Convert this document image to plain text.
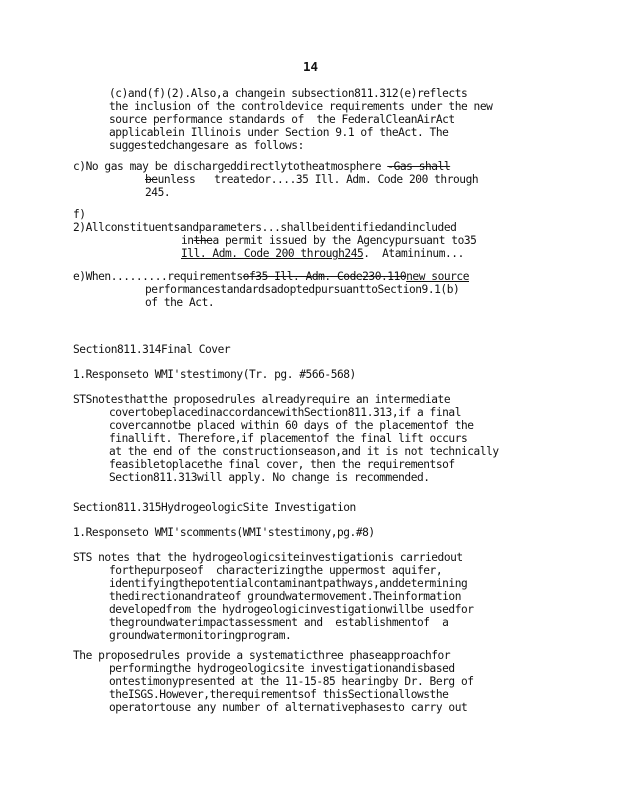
14
(c)and(f)(2).Also,a changein subsection811.312(e)reflects
the inclusion of the controldevice requirements under the new
source performance standards of  the FederalCleanAirAct
applicablein Illinois under Section 9.1 of theAct. The
suggestedchangesare as follows:
c)No gas may be dischargeddirectlytotheatmosphere -Gas shall
beunless   treatedor....35 Ill. Adm. Code 200 through
245.
f)
2)Allconstituentsandparameters...shallbeidentifiedandincluded
inthea permit issued by the Agencypursuant to35
Ill. Adm. Code 200 through245.  Atamininum...
e)When.........requirementsof35 Ill. Adm. Code230.110new source
performancestandardsadoptedpursuanttoSection9.1(b)
of the Act.
Section811.314Final Cover
1.Responseto WMI'stestimony(Tr. pg. #566-568)
STSnotesthatthe proposedrules alreadyrequire an intermediate
covertobeplacedinaccordancewithSection811.313,if a final
covercannotbe placed within 60 days of the placementof the
finallift. Therefore,if placementof the final lift occurs
at the end of the constructionseason,and it is not technically
feasibletoplacethe final cover, then the requirementsof
Section811.313will apply. No change is recommended.
Section811.315HydrogeologicSite Investigation
1.Responseto WMI'scomments(WMI'stestimony,pg.#8)
STS notes that the hydrogeologicsiteinvestigationis carriedout
forthepurposeof  characterizingthe uppermost aquifer,
identifyingthepotentialcontaminantpathways,anddetermining
thedirectionandrateof groundwatermovement.Theinformation
developedfrom the hydrogeologicinvestigationwillbe usedfor
thegroundwaterimpactassessment and  establishmentof  a
groundwatermonitoringprogram.
The proposedrules provide a systematicthree phaseapproachfor
performingthe hydrogeologicsite investigationandisbased
ontestimonypresented at the 11-15-85 hearingby Dr. Berg of
theISGS.However,therequirementsof thisSectionallowsthe
operatortouse any number of alternativephasesto carry out
